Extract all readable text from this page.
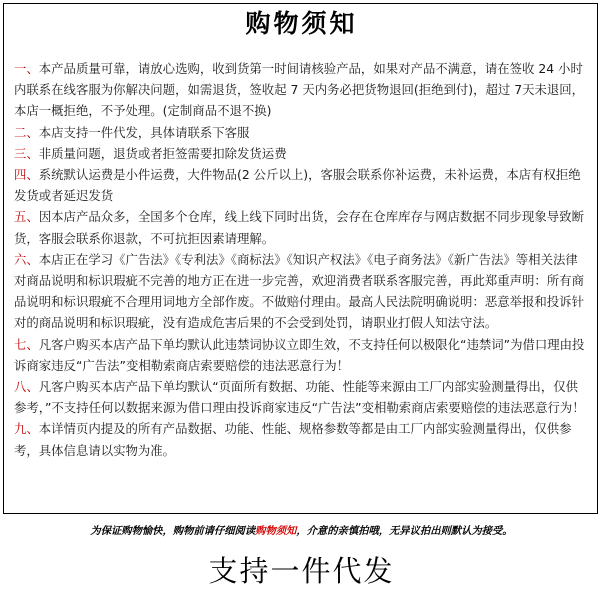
购物须知

一、本产品质量可靠，请放心选购，收到货第一时间请核验产品，如果对产品不满意，请在签收 24 小时内联系在线客服为你解决问题，如需退货，签收起 7 天内务必把货物退回(拒绝到付)，超过 7天未退回，本店一概拒绝，不予处理。(定制商品不退不换)

二、本店支持一件代发，具体请联系下客服

三、非质量问题，退货或者拒签需要扣除发货运费

四、系统默认运费是小件运费，大件物品(2 公斤以上)，客服会联系你补运费，未补运费，本店有权拒绝发货或者延迟发货

五、因本店产品众多，全国多个仓库，线上线下同时出货，会存在仓库库存与网店数据不同步现象导致断货，客服会联系你退款，不可抗拒因素请理解。

六、本店正在学习《广告法》《专利法》《商标法》《知识产权法》《电子商务法》《新广告法》等相关法律对商品说明和标识瑕疵不完善的地方正在进一步完善，欢迎消费者联系客服完善，再此郑重声明：所有商品说明和标识瑕疵不合理用词地方全部作废。不做赔付理由。最高人民法院明确说明：恶意举报和投诉针对的商品说明和标识瑕疵，没有造成危害后果的不会受到处罚，请职业打假人知法守法。

七、凡客户购买本店产品下单均默认此违禁词协议立即生效，不支持任何以极限化“违禁词”为借口理由投诉商家违反“广告法”变相勒索商店索要赔偿的违法恶意行为！

八、凡客户购买本店产品下单均默认“页面所有数据、功能、性能等来源由工厂内部实验测量得出，仅供参考，”不支持任何以数据来源为借口理由投诉商家违反“广告法”变相勒索商店索要赔偿的违法恶意行为！

九、本详情页内提及的所有产品数据、功能、性能、规格参数等都是由工厂内部实验测量得出，仅供参考，具体信息请以实物为准。

为保证购物愉快，购物前请仔细阅读购物须知，介意的亲慎拍哦，无异议拍出则默认为接受。
支持一件代发
